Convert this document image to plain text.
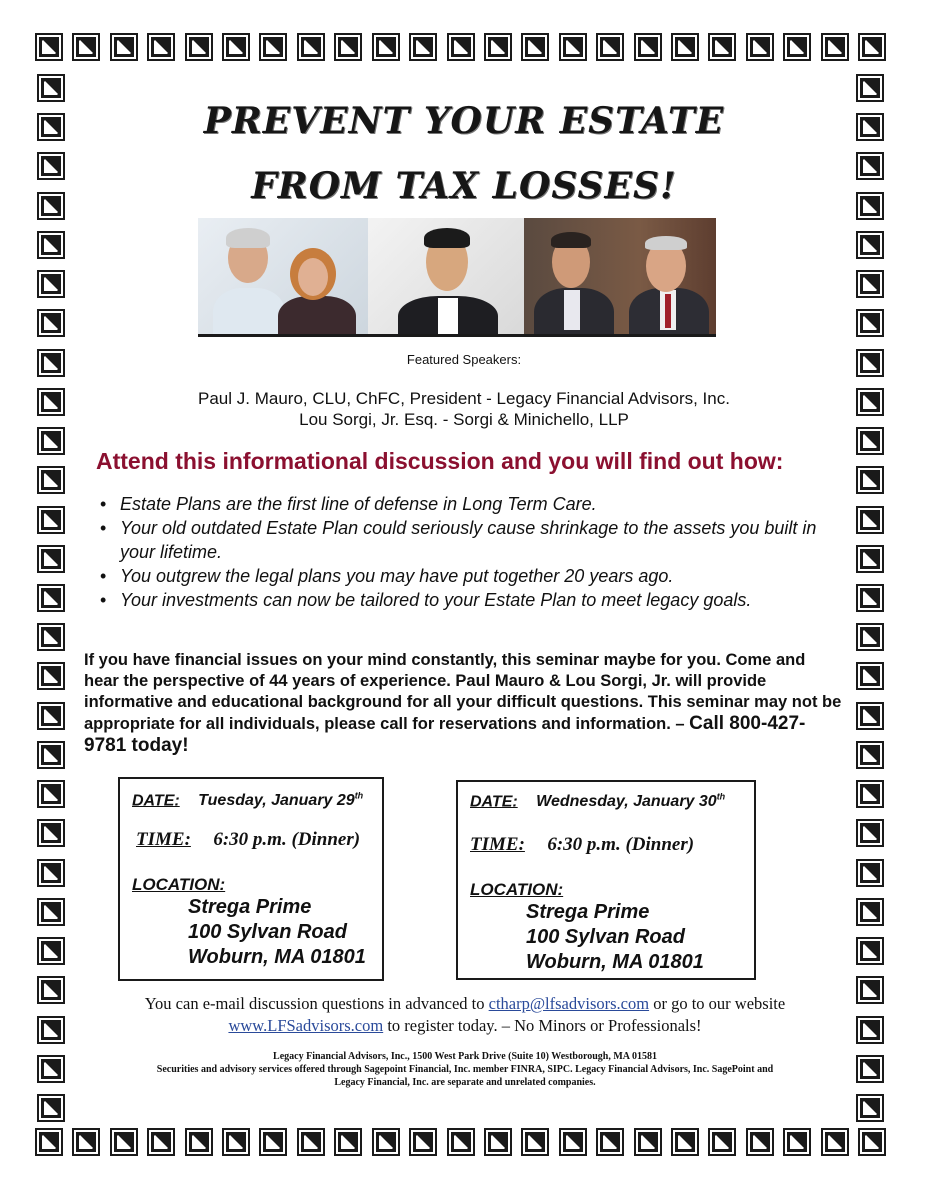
PREVENT YOUR ESTATE
FROM TAX LOSSES!
Featured Speakers:
Paul J. Mauro, CLU, ChFC, President - Legacy Financial Advisors, Inc.
Lou Sorgi, Jr. Esq. - Sorgi & Minichello, LLP
Attend this informational discussion and you will find out how:
• Estate Plans are the first line of defense in Long Term Care.
• Your old outdated Estate Plan could seriously cause shrinkage to the assets you built in your lifetime.
• You outgrew the legal plans you may have put together 20 years ago.
• Your investments can now be tailored to your Estate Plan to meet legacy goals.
If you have financial issues on your mind constantly, this seminar maybe for you. Come and hear the perspective of 44 years of experience. Paul Mauro & Lou Sorgi, Jr. will provide informative and educational background for all your difficult questions. This seminar may not be appropriate for all individuals, please call for reservations and information. – Call 800-427-9781 today!
DATE: Tuesday, January 29th
TIME: 6:30 p.m. (Dinner)
LOCATION:
Strega Prime
100 Sylvan Road
Woburn, MA 01801
DATE: Wednesday, January 30th
TIME: 6:30 p.m. (Dinner)
LOCATION:
Strega Prime
100 Sylvan Road
Woburn, MA 01801
You can e-mail discussion questions in advanced to ctharp@lfsadvisors.com or go to our website
www.LFSadvisors.com to register today. – No Minors or Professionals!
Legacy Financial Advisors, Inc., 1500 West Park Drive (Suite 10) Westborough, MA 01581
Securities and advisory services offered through Sagepoint Financial, Inc. member FINRA, SIPC. Legacy Financial Advisors, Inc. SagePoint and
Legacy Financial, Inc. are separate and unrelated companies.
